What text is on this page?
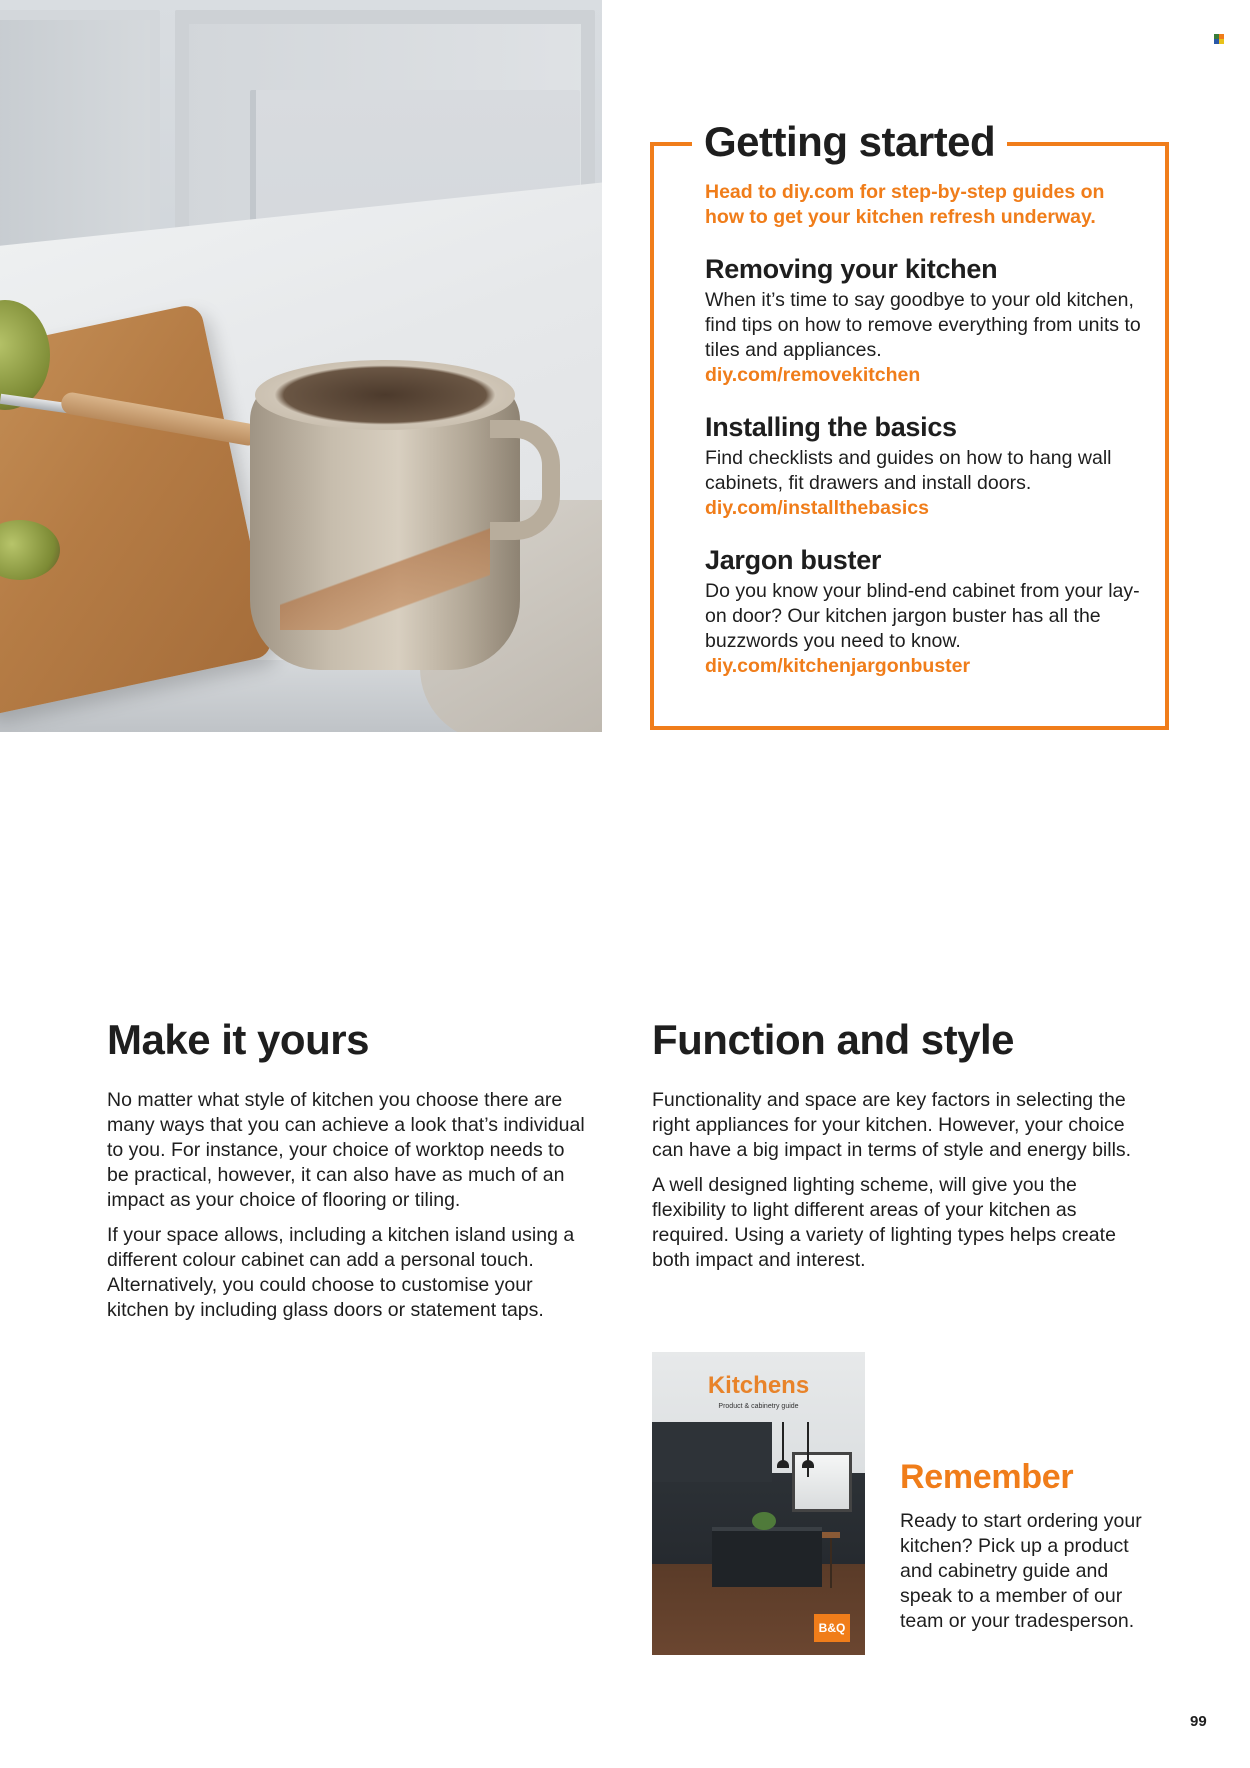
Getting started

Head to diy.com for step-by-step guides on how to get your kitchen refresh underway.

Removing your kitchen

When it’s time to say goodbye to your old kitchen, find tips on how to remove everything from units to tiles and appliances.

diy.com/removekitchen
Installing the basics

Find checklists and guides on how to hang wall cabinets, fit drawers and install doors.

diy.com/installthebasics
Jargon buster

Do you know your blind-end cabinet from your lay-on door? Our kitchen jargon buster has all the buzzwords you need to know.

diy.com/kitchenjargonbuster
Make it yours

No matter what style of kitchen you choose there are many ways that you can achieve a look that’s individual to you. For instance, your choice of worktop needs to be practical, however, it can also have as much of an impact as your choice of flooring or tiling.

If your space allows, including a kitchen island using a different colour cabinet can add a personal touch. Alternatively, you could choose to customise your kitchen by including glass doors or statement taps.

Function and style

Functionality and space are key factors in selecting the right appliances for your kitchen. However, your choice can have a big impact in terms of style and energy bills.

A well designed lighting scheme, will give you the flexibility to light different areas of your kitchen as required. Using a variety of lighting types helps create both impact and interest.

Kitchens
Product & cabinetry guide
B&Q
Remember

Ready to start ordering your kitchen? Pick up a product and cabinetry guide and speak to a member of our team or your tradesperson.

99
